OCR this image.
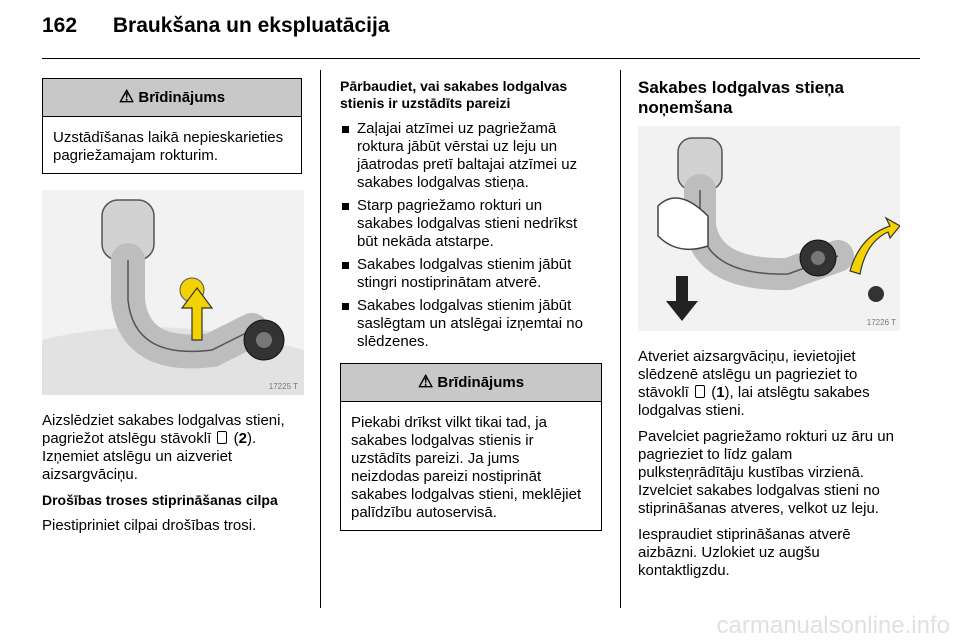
162 Braukšana un ekspluatācija
⚠ Brīdinājums
Uzstādīšanas laikā nepieskarieties pagriežamajam rokturim.
17225 T

Aizslēdziet sakabes lodgalvas stieni, pagriežot atslēgu stāvoklī  (2). Izņemiet atslēgu un aizveriet aizsargvāciņu.

Drošības troses stiprināšanas cilpa

Piestipriniet cilpai drošības trosi.

Pārbaudiet, vai sakabes lodgalvas stienis ir uzstādīts pareizi

Zaļajai atzīmei uz pagriežamā roktura jābūt vērstai uz leju un jāatrodas pretī baltajai atzīmei uz sakabes lodgalvas stieņa.
Starp pagriežamo rokturi un sakabes lodgalvas stieni nedrīkst būt nekāda atstarpe.
Sakabes lodgalvas stienim jābūt stingri nostiprinātam atverē.
Sakabes lodgalvas stienim jābūt saslēgtam un atslēgai izņemtai no slēdzenes.
⚠ Brīdinājums
Piekabi drīkst vilkt tikai tad, ja sakabes lodgalvas stienis ir uzstādīts pareizi. Ja jums neizdodas pareizi nostiprināt sakabes lodgalvas stieni, meklējiet palīdzību autoservisā.

Sakabes lodgalvas stieņa noņemšana

17226 T

Atveriet aizsargvāciņu, ievietojiet slēdzenē atslēgu un pagrieziet to stāvoklī  (1), lai atslēgtu sakabes lodgalvas stieni.

Pavelciet pagriežamo rokturi uz āru un pagrieziet to līdz galam pulksteņrādītāju kustības virzienā. Izvelciet sakabes lodgalvas stieni no stiprināšanas atveres, velkot uz leju.

Iespraudiet stiprināšanas atverē aizbāzni. Uzlokiet uz augšu kontaktligzdu.

carmanualsonline.info
